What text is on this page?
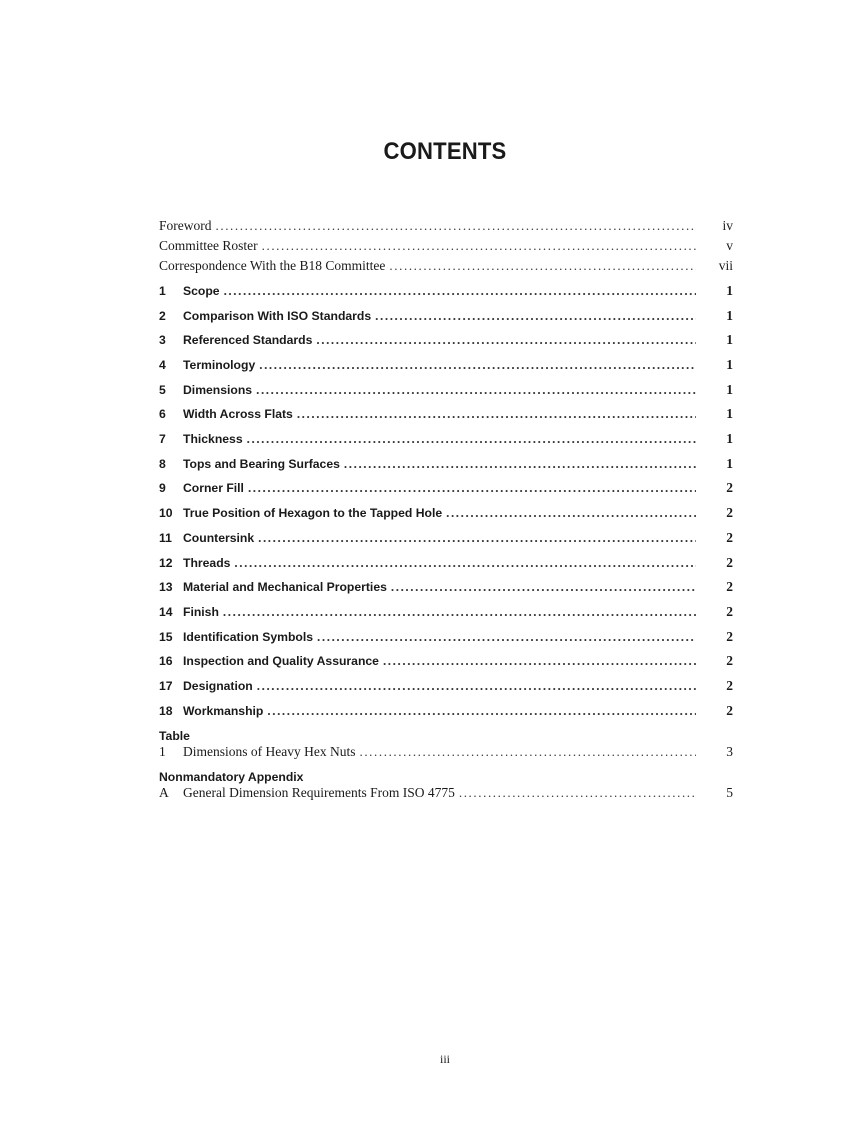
CONTENTS
Foreword .....	iv
Committee Roster .....	v
Correspondence With the B18 Committee .....	vii
1	Scope .....	1
2	Comparison With ISO Standards .....	1
3	Referenced Standards .....	1
4	Terminology .....	1
5	Dimensions .....	1
6	Width Across Flats .....	1
7	Thickness .....	1
8	Tops and Bearing Surfaces .....	1
9	Corner Fill .....	2
10 True Position of Hexagon to the Tapped Hole .....	2
11 Countersink .....	2
12 Threads .....	2
13 Material and Mechanical Properties .....	2
14 Finish .....	2
15 Identification Symbols .....	2
16 Inspection and Quality Assurance .....	2
17 Designation .....	2
18 Workmanship .....	2
Table
1	Dimensions of Heavy Hex Nuts .....	3
Nonmandatory Appendix
A	General Dimension Requirements From ISO 4775 .....	5
iii
